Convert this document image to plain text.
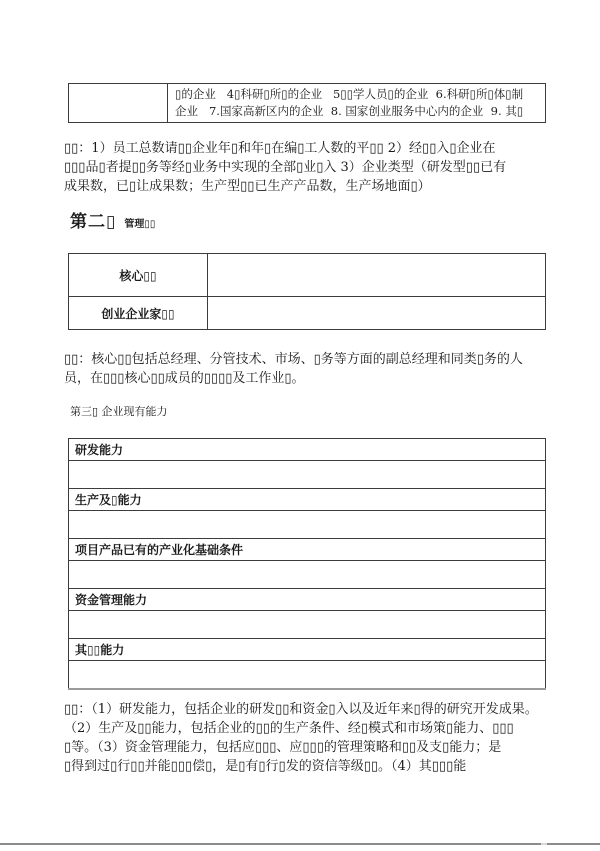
▯的企业   4▯科研▯所▯的企业   5▯▯学人员▯的企业  6.科研▯所▯体▯制
企业   7.国家高新区内的企业  8. 国家创业服务中心内的企业  9. 其▯
▯▯：1）员工总数请▯▯企业年▯和年▯在编▯工人数的平▯▯ 2）经▯▯入▯企业在
▯▯▯品▯者提▯▯务等经▯业务中实现的全部▯业▯入 3）企业类型（研发型▯▯已有
成果数，已▯让成果数；生产型▯▯已生产产品数，生产场地面▯）
第二▯ 管理▯▯
核心▯▯	
创业企业家▯▯	
▯▯：核心▯▯包括总经理、分管技术、市场、▯务等方面的副总经理和同类▯务的人
员，在▯▯▯核心▯▯成员的▯▯▯▯及工作业▯。
第三▯ 企业现有能力
研发能力

生产及▯能力

项目产品已有的产业化基础条件

资金管理能力

其▯▯能力

▯▯：（1）研发能力，包括企业的研发▯▯和资金▯入以及近年来▯得的研究开发成果。
（2）生产及▯▯能力，包括企业的▯▯的生产条件、经▯模式和市场策▯能力、▯▯▯
▯等。（3）资金管理能力，包括应▯▯▯、应▯▯▯的管理策略和▯▯及支▯能力；是
▯得到过▯行▯▯并能▯▯▯偿▯，是▯有▯行▯发的资信等级▯▯。（4）其▯▯▯能
